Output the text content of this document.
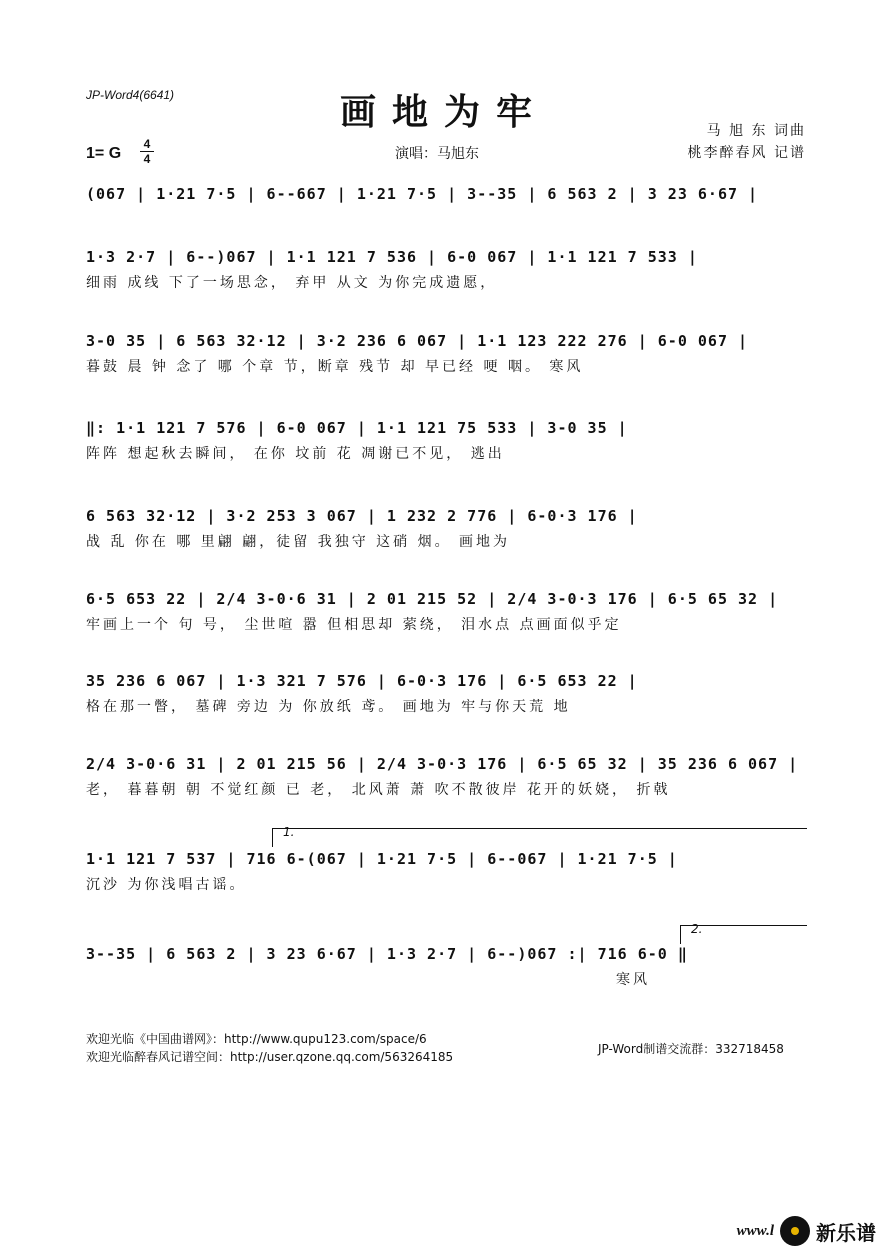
JP-Word4(6641)	画地为牢	马 旭 东 词曲
桃李醉春风 记谱
1= G
4
4	演唱：马旭东
(067 | 1·21 7·5 | 6--667 | 1·21 7·5 | 3--35 | 6 563 2 | 3 23 6·67 |
1·3 2·7 | 6--)067 | 1·1 121 7 536 | 6-0 067 | 1·1 121 7 533 |
细雨 成线 下了一场思念， 弃甲 从文 为你完成遗愿，
3-0 35 | 6 563 32·12 | 3·2 236 6 067 | 1·1 123 222 276 | 6-0 067 |
暮鼓 晨 钟 念了 哪 个章 节，断章 残节 却 早已经 哽 咽。 寒风
‖: 1·1 121 7 576 | 6-0 067 | 1·1 121 75 533 | 3-0 35 |
阵阵 想起秋去瞬间， 在你 坟前 花 凋谢已不见， 逃出
6 563 32·12 | 3·2 253 3 067 | 1 232 2 776 | 6-0·3 176 |
战 乱 你在 哪 里翩 翩，徒留 我独守 这硝 烟。 画地为
6·5 653 22 | 2/4 3-0·6 31 | 2 01 215 52 | 2/4 3-0·3 176 | 6·5 65 32 |
牢画上一个 句 号， 尘世喧 嚣 但相思却 萦绕， 泪水点 点画面似乎定
35 236 6 067 | 1·3 321 7 576 | 6-0·3 176 | 6·5 653 22 |
格在那一瞥， 墓碑 旁边 为 你放纸 鸢。 画地为 牢与你天荒 地
2/4 3-0·6 31 | 2 01 215 56 | 2/4 3-0·3 176 | 6·5 65 32 | 35 236 6 067 |
老， 暮暮朝 朝 不觉红颜 已 老， 北风萧 萧 吹不散彼岸 花开的妖娆， 折戟
1.
1·1 121 7 537 | 716 6-(067 | 1·21 7·5 | 6--067 | 1·21 7·5 |
沉沙 为你浅唱古谣。
2.
3--35 | 6 563 2 | 3 23 6·67 | 1·3 2·7 | 6--)067 :| 716 6-0 ‖
寒风
欢迎光临《中国曲谱网》：http://www.qupu123.com/space/6
欢迎光临醉春风记谱空间：http://user.qzone.qq.com/563264185
JP-Word制谱交流群：332718458
www.l 新乐谱
